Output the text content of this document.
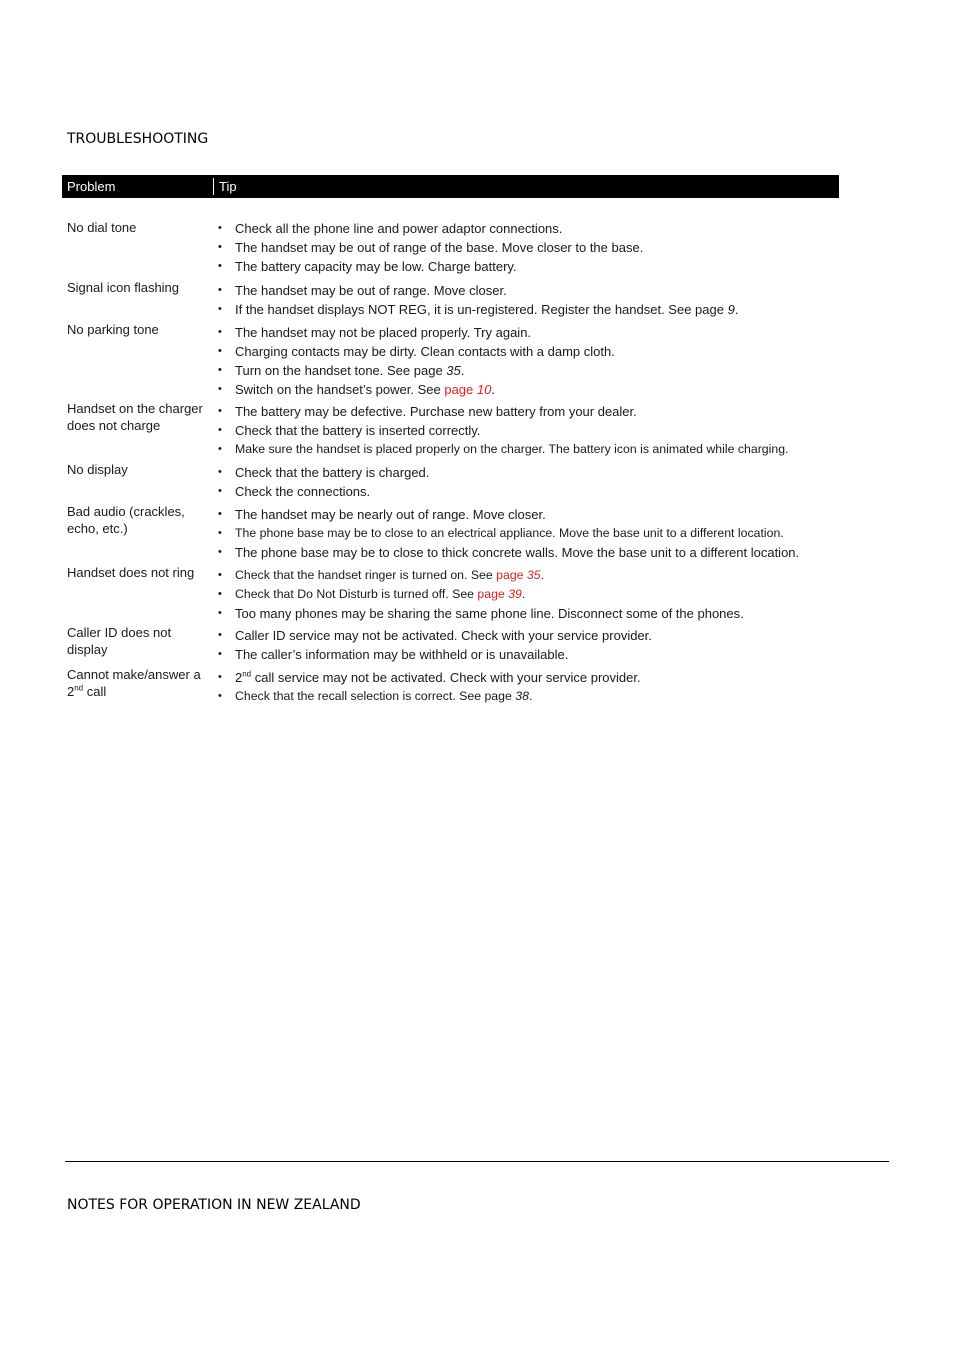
TROUBLESHOOTING
Problem	Tip
No dial tone	• Check all the phone line and power adaptor connections.
• The handset may be out of range of the base. Move closer to the base.
• The battery capacity may be low. Charge battery.
Signal icon flashing	• The handset may be out of range. Move closer.
• If the handset displays NOT REG, it is un-registered. Register the handset. See page 9.
No parking tone	• The handset may not be placed properly. Try again.
• Charging contacts may be dirty. Clean contacts with a damp cloth.
• Turn on the handset tone. See page 35.
• Switch on the handset’s power. See page 10.
Handset on the charger does not charge
• The battery may be defective. Purchase new battery from your dealer.
• Check that the battery is inserted correctly.
• Make sure the handset is placed properly on the charger. The battery icon is animated while charging.
No display	• Check that the battery is charged.
• Check the connections.
Bad audio (crackles, echo, etc.)
• The handset may be nearly out of range. Move closer.
• The phone base may be to close to an electrical appliance. Move the base unit to a different location.
• The phone base may be to close to thick concrete walls. Move the base unit to a different location.
Handset does not ring	• Check that the handset ringer is turned on. See page 35.
• Check that Do Not Disturb is turned off. See page 39.
• Too many phones may be sharing the same phone line. Disconnect some of the phones.
Caller ID does not display
• Caller ID service may not be activated. Check with your service provider.
• The caller’s information may be withheld or is unavailable.
Cannot make/answer a 2nd call
• 2nd call service may not be activated. Check with your service provider.
• Check that the recall selection is correct. See page 38.
NOTES FOR OPERATION IN NEW ZEALAND
